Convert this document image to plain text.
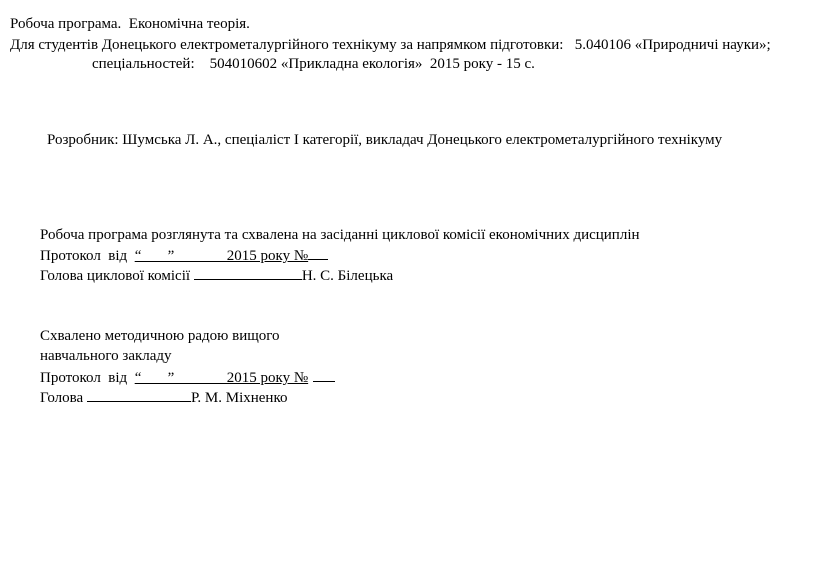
Робоча програма.  Економічна теорія.
Для студентів Донецького електрометалургійного технікуму за напрямком підготовки:   5.040106 «Природничі науки»;
спеціальностей:    504010602 «Прикладна екологія»  2015 року - 15 с.
Розробник: Шумська Л. А., спеціаліст І категорії, викладач Донецького електрометалургійного технікуму
Робоча програма розглянута та схвалена на засіданні циклової комісії економічних дисциплін
Протокол  від  “       ”              2015 року №
Голова циклової комісії	Н. С. Білецька
Схвалено методичною радою вищого
навчального закладу
Протокол  від  “       ”              2015 року №
Голова	Р. М. Міхненко
